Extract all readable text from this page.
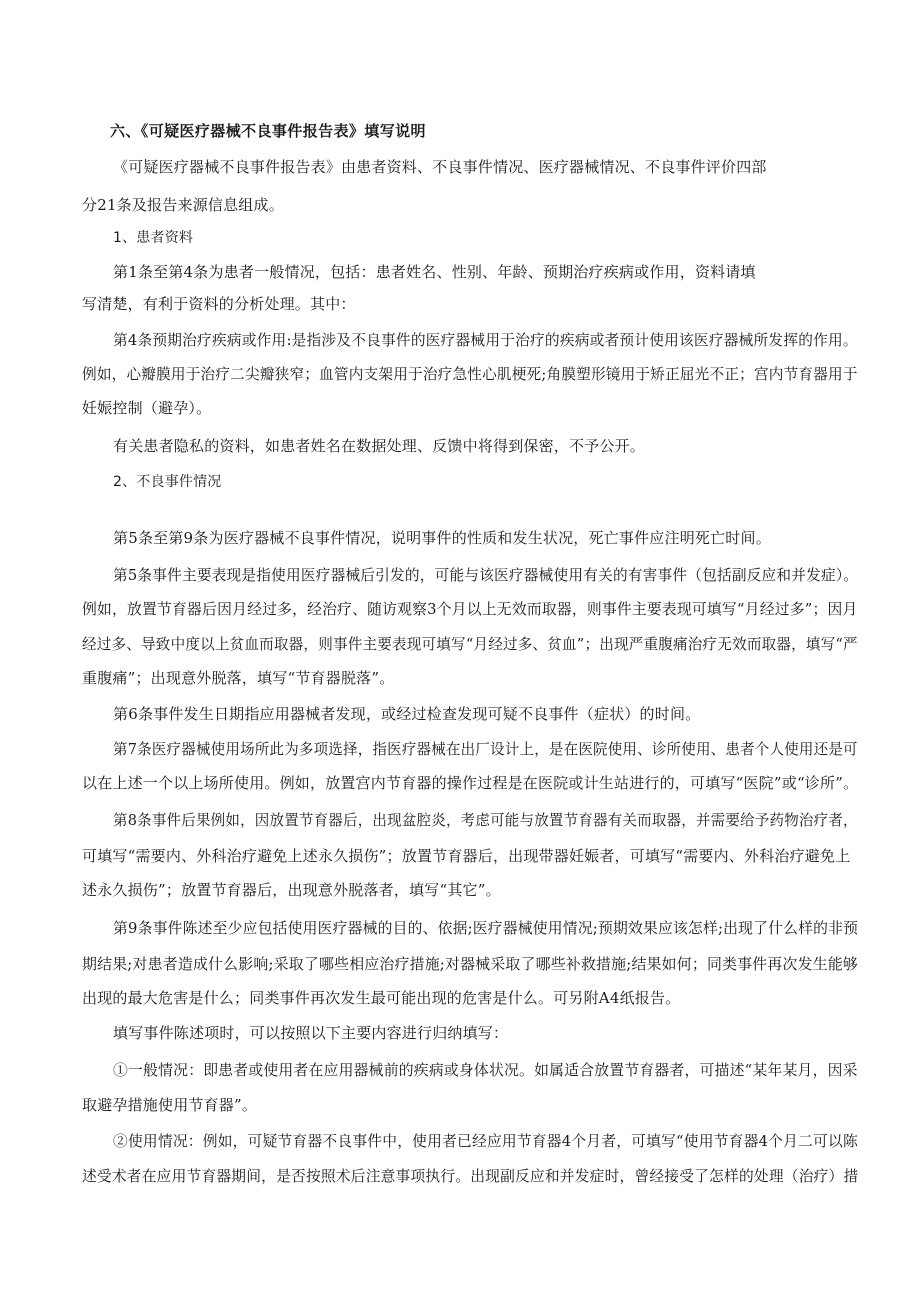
六、《可疑医疗器械不良事件报告表》填写说明
《可疑医疗器械不良事件报告表》由患者资料、不良事件情况、医疗器械情况、不良事件评价四部
分21条及报告来源信息组成。
1、患者资料
第1条至第4条为患者一般情况，包括：患者姓名、性别、年龄、预期治疗疾病或作用，资料请填
写清楚，有利于资料的分析处理。其中：
第4条预期治疗疾病或作用:是指涉及不良事件的医疗器械用于治疗的疾病或者预计使用该医疗器械所发挥的作用。
例如，心瓣膜用于治疗二尖瓣狭窄；血管内支架用于治疗急性心肌梗死;角膜塑形镜用于矫正屈光不正；宫内节育器用于
妊娠控制（避孕）。
有关患者隐私的资料，如患者姓名在数据处理、反馈中将得到保密，不予公开。
2、不良事件情况
第5条至第9条为医疗器械不良事件情况，说明事件的性质和发生状况，死亡事件应注明死亡时间。
第5条事件主要表现是指使用医疗器械后引发的，可能与该医疗器械使用有关的有害事件（包括副反应和并发症）。
例如，放置节育器后因月经过多，经治疗、随访观察3个月以上无效而取器，则事件主要表现可填写“月经过多”；因月
经过多、导致中度以上贫血而取器，则事件主要表现可填写“月经过多、贫血”；出现严重腹痛治疗无效而取器，填写“严
重腹痛”；出现意外脱落，填写“节育器脱落”。
第6条事件发生日期指应用器械者发现，或经过检查发现可疑不良事件（症状）的时间。
第7条医疗器械使用场所此为多项选择，指医疗器械在出厂设计上，是在医院使用、诊所使用、患者个人使用还是可
以在上述一个以上场所使用。例如，放置宫内节育器的操作过程是在医院或计生站进行的，可填写“医院”或“诊所”。
第8条事件后果例如，因放置节育器后，出现盆腔炎，考虑可能与放置节育器有关而取器，并需要给予药物治疗者，
可填写“需要内、外科治疗避免上述永久损伤”；放置节育器后，出现带器妊娠者，可填写“需要内、外科治疗避免上
述永久损伤”；放置节育器后，出现意外脱落者，填写“其它”。
第9条事件陈述至少应包括使用医疗器械的目的、依据;医疗器械使用情况;预期效果应该怎样;出现了什么样的非预
期结果;对患者造成什么影响;采取了哪些相应治疗措施;对器械采取了哪些补救措施;结果如何；同类事件再次发生能够
出现的最大危害是什么；同类事件再次发生最可能出现的危害是什么。可另附A4纸报告。
填写事件陈述项时，可以按照以下主要内容进行归纳填写：
①一般情况：即患者或使用者在应用器械前的疾病或身体状况。如属适合放置节育器者，可描述“某年某月，因采
取避孕措施使用节育器”。
②使用情况：例如，可疑节育器不良事件中，使用者已经应用节育器4个月者，可填写“使用节育器4个月二可以陈
述受术者在应用节育器期间，是否按照术后注意事项执行。出现副反应和并发症时，曾经接受了怎样的处理（治疗）措
